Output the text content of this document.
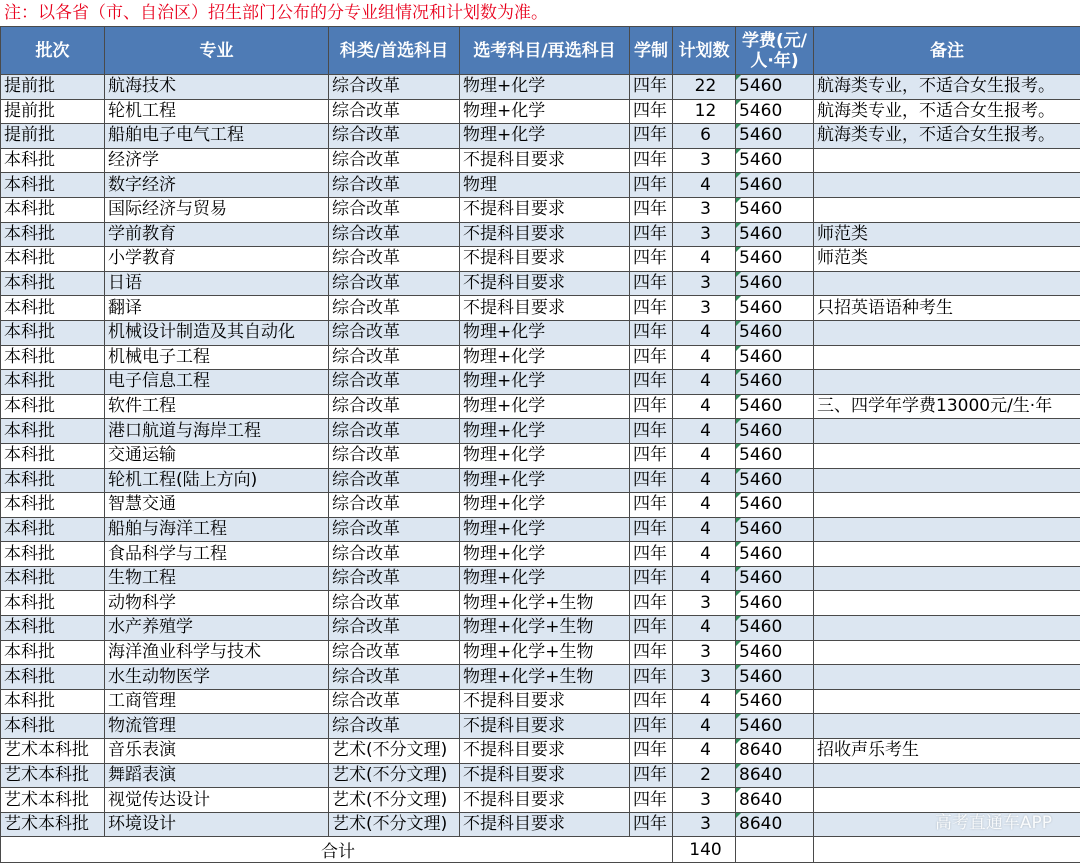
注：以各省（市、自治区）招生部门公布的分专业组情况和计划数为准。
批次	专业	科类/首选科目	选考科目/再选科目	学制	计划数	学费(元/人·年)	备注
提前批	航海技术	综合改革	物理+化学	四年	22	5460	航海类专业，不适合女生报考。
提前批	轮机工程	综合改革	物理+化学	四年	12	5460	航海类专业，不适合女生报考。
提前批	船舶电子电气工程	综合改革	物理+化学	四年	6	5460	航海类专业，不适合女生报考。
本科批	经济学	综合改革	不提科目要求	四年	3	5460	
本科批	数字经济	综合改革	物理	四年	4	5460	
本科批	国际经济与贸易	综合改革	不提科目要求	四年	3	5460	
本科批	学前教育	综合改革	不提科目要求	四年	3	5460	师范类
本科批	小学教育	综合改革	不提科目要求	四年	4	5460	师范类
本科批	日语	综合改革	不提科目要求	四年	3	5460	
本科批	翻译	综合改革	不提科目要求	四年	3	5460	只招英语语种考生
本科批	机械设计制造及其自动化	综合改革	物理+化学	四年	4	5460	
本科批	机械电子工程	综合改革	物理+化学	四年	4	5460	
本科批	电子信息工程	综合改革	物理+化学	四年	4	5460	
本科批	软件工程	综合改革	物理+化学	四年	4	5460	三、四学年学费13000元/生·年
本科批	港口航道与海岸工程	综合改革	物理+化学	四年	4	5460	
本科批	交通运输	综合改革	物理+化学	四年	4	5460	
本科批	轮机工程(陆上方向)	综合改革	物理+化学	四年	4	5460	
本科批	智慧交通	综合改革	物理+化学	四年	4	5460	
本科批	船舶与海洋工程	综合改革	物理+化学	四年	4	5460	
本科批	食品科学与工程	综合改革	物理+化学	四年	4	5460	
本科批	生物工程	综合改革	物理+化学	四年	4	5460	
本科批	动物科学	综合改革	物理+化学+生物	四年	3	5460	
本科批	水产养殖学	综合改革	物理+化学+生物	四年	4	5460	
本科批	海洋渔业科学与技术	综合改革	物理+化学+生物	四年	3	5460	
本科批	水生动物医学	综合改革	物理+化学+生物	四年	3	5460	
本科批	工商管理	综合改革	不提科目要求	四年	4	5460	
本科批	物流管理	综合改革	不提科目要求	四年	4	5460	
艺术本科批	音乐表演	艺术(不分文理)	不提科目要求	四年	4	8640	招收声乐考生
艺术本科批	舞蹈表演	艺术(不分文理)	不提科目要求	四年	2	8640	
艺术本科批	视觉传达设计	艺术(不分文理)	不提科目要求	四年	3	8640	
艺术本科批	环境设计	艺术(不分文理)	不提科目要求	四年	3	8640	
合计					140		
高考直通车APP
